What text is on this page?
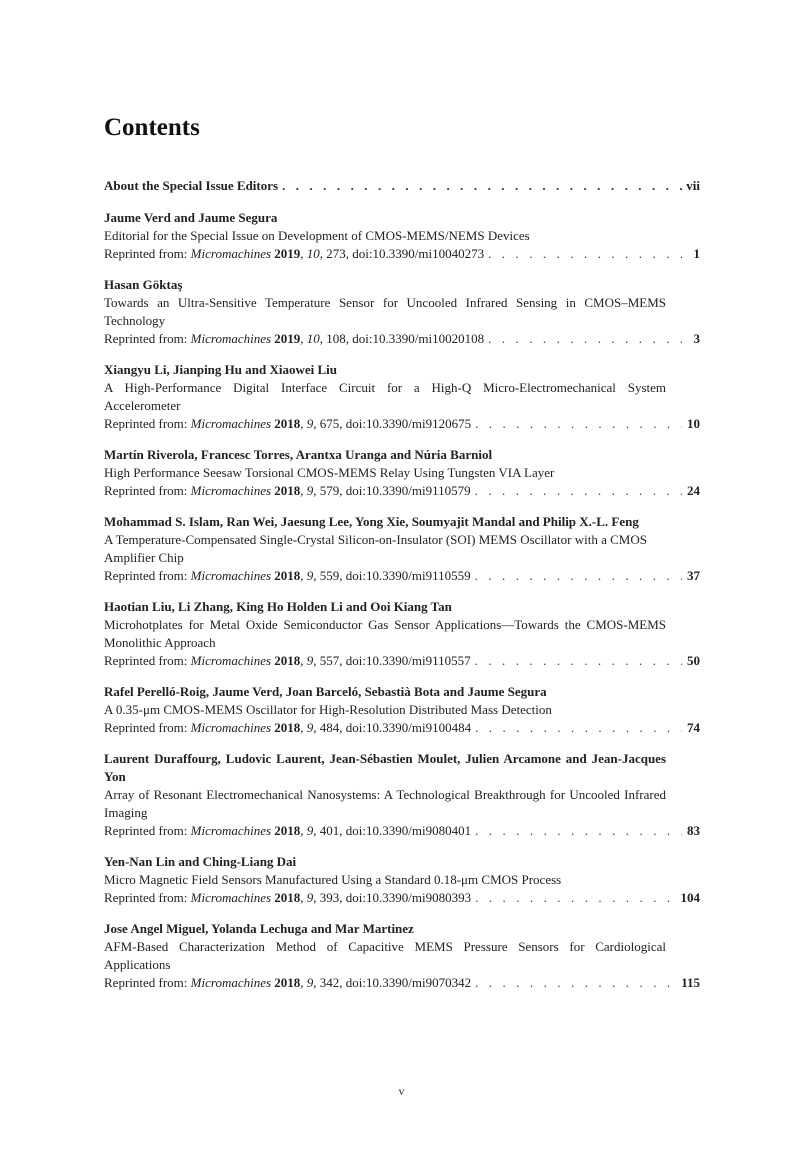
Contents
About the Special Issue Editors . . .	vii
Jaume Verd and Jaume Segura
Editorial for the Special Issue on Development of CMOS-MEMS/NEMS Devices
Reprinted from: Micromachines 2019, 10, 273, doi:10.3390/mi10040273 . . .	1
Hasan Göktaş
Towards an Ultra-Sensitive Temperature Sensor for Uncooled Infrared Sensing in CMOS–MEMS Technology
Reprinted from: Micromachines 2019, 10, 108, doi:10.3390/mi10020108 . . .	3
Xiangyu Li, Jianping Hu and Xiaowei Liu
A High-Performance Digital Interface Circuit for a High-Q Micro-Electromechanical System Accelerometer
Reprinted from: Micromachines 2018, 9, 675, doi:10.3390/mi9120675 . . .	10
Martín Riverola, Francesc Torres, Arantxa Uranga and Núria Barniol
High Performance Seesaw Torsional CMOS-MEMS Relay Using Tungsten VIA Layer
Reprinted from: Micromachines 2018, 9, 579, doi:10.3390/mi9110579 . . .	24
Mohammad S. Islam, Ran Wei, Jaesung Lee, Yong Xie, Soumyajit Mandal and Philip X.-L. Feng
A Temperature-Compensated Single-Crystal Silicon-on-Insulator (SOI) MEMS Oscillator with a CMOS Amplifier Chip
Reprinted from: Micromachines 2018, 9, 559, doi:10.3390/mi9110559 . . .	37
Haotian Liu, Li Zhang, King Ho Holden Li and Ooi Kiang Tan
Microhotplates for Metal Oxide Semiconductor Gas Sensor Applications—Towards the CMOS-MEMS Monolithic Approach
Reprinted from: Micromachines 2018, 9, 557, doi:10.3390/mi9110557 . . .	50
Rafel Perelló-Roig, Jaume Verd, Joan Barceló, Sebastià Bota and Jaume Segura
A 0.35-μm CMOS-MEMS Oscillator for High-Resolution Distributed Mass Detection
Reprinted from: Micromachines 2018, 9, 484, doi:10.3390/mi9100484 . . .	74
Laurent Duraffourg, Ludovic Laurent, Jean-Sébastien Moulet, Julien Arcamone and Jean-Jacques Yon
Array of Resonant Electromechanical Nanosystems: A Technological Breakthrough for Uncooled Infrared Imaging
Reprinted from: Micromachines 2018, 9, 401, doi:10.3390/mi9080401 . . .	83
Yen-Nan Lin and Ching-Liang Dai
Micro Magnetic Field Sensors Manufactured Using a Standard 0.18-μm CMOS Process
Reprinted from: Micromachines 2018, 9, 393, doi:10.3390/mi9080393 . . .	104
Jose Angel Miguel, Yolanda Lechuga and Mar Martinez
AFM-Based Characterization Method of Capacitive MEMS Pressure Sensors for Cardiological Applications
Reprinted from: Micromachines 2018, 9, 342, doi:10.3390/mi9070342 . . .	115
v
